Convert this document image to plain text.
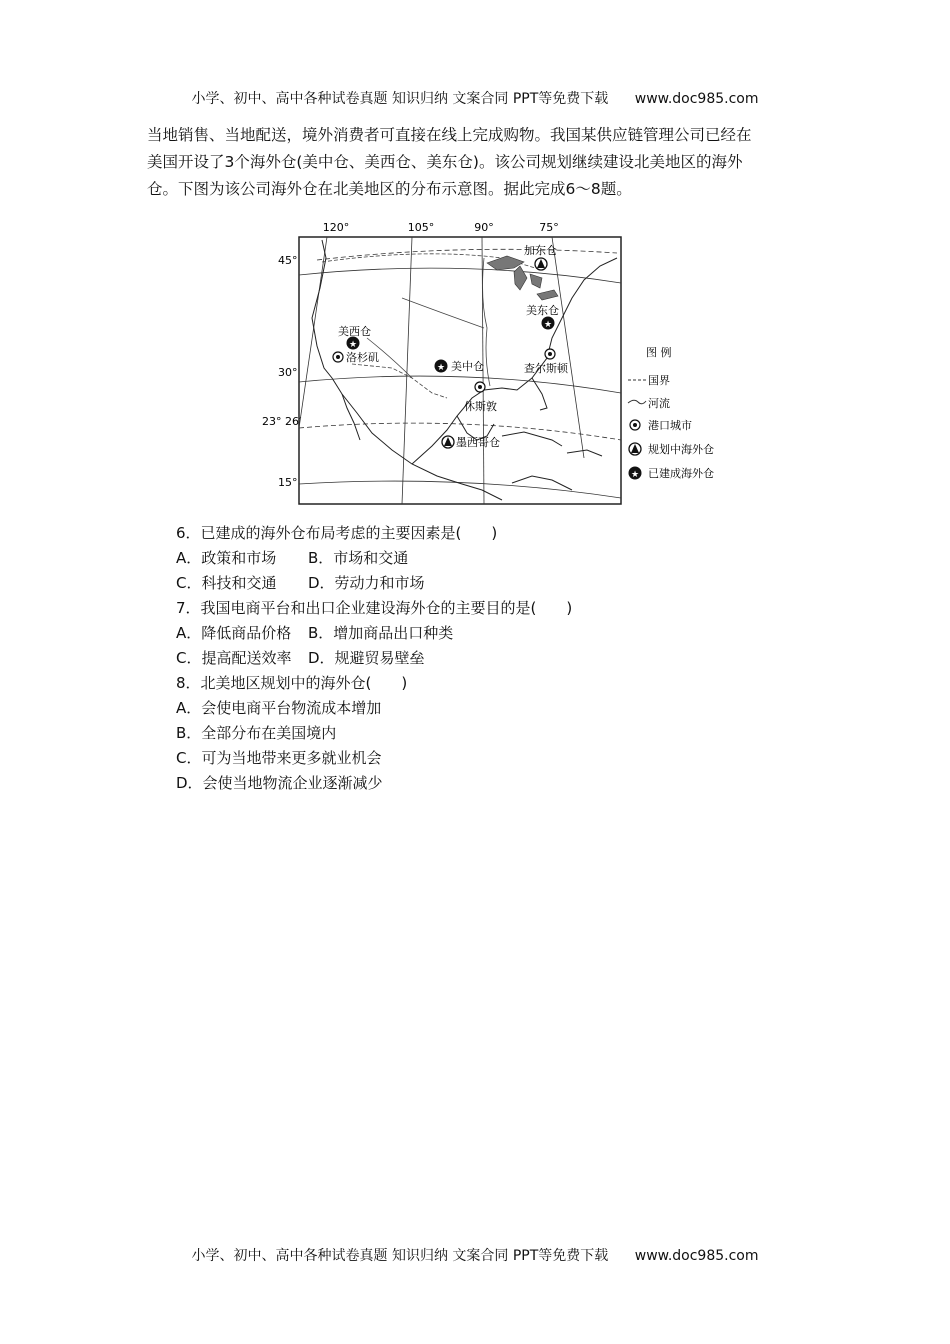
小学、初中、高中各种试卷真题 知识归纳 文案合同 PPT等免费下载 www.doc985.com

当地销售、当地配送，境外消费者可直接在线上完成购物。我国某供应链管理公司已经在

美国开设了3个海外仓(美中仓、美西仓、美东仓)。该公司规划继续建设北美地区的海外

仓。下图为该公司海外仓在北美地区的分布示意图。据此完成6～8题。

120°	105°	90°	75°
45°
30°
23° 26′
15°
加东仓
★
美东仓
★
美西仓
洛杉矶
★ 美中仓	查尔斯顿
休斯敦
墨西哥仓
图 例
国界
河流
港口城市
规划中海外仓
★ 已建成海外仓
6．已建成的海外仓布局考虑的主要因素是(　　)
A．政策和市场 B．市场和交通
C．科技和交通 D．劳动力和市场
7．我国电商平台和出口企业建设海外仓的主要目的是(　　)
A．降低商品价格 B．增加商品出口种类
C．提高配送效率 D．规避贸易壁垒
8．北美地区规划中的海外仓(　　)
A．会使电商平台物流成本增加
B．全部分布在美国境内
C．可为当地带来更多就业机会
D．会使当地物流企业逐渐减少
小学、初中、高中各种试卷真题 知识归纳 文案合同 PPT等免费下载 www.doc985.com
